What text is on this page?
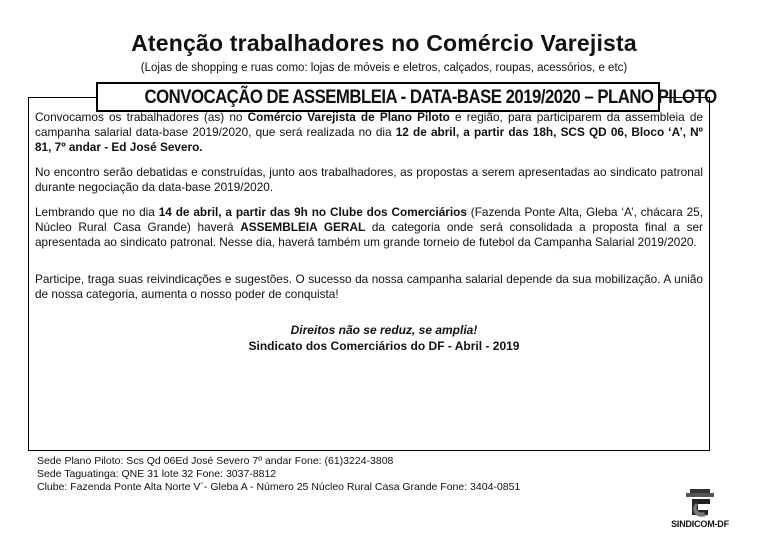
Atenção trabalhadores no Comércio Varejista
(Lojas de shopping e ruas como: lojas de móveis e eletros, calçados, roupas, acessórios, e etc)
CONVOCAÇÃO DE ASSEMBLEIA - DATA-BASE 2019/2020 – PLANO PILOTO
Convocamos os trabalhadores (as) no Comércio Varejista de Plano Piloto e região, para participarem da assembleia de campanha salarial data-base 2019/2020, que será realizada no dia 12 de abril, a partir das 18h, SCS QD 06, Bloco ‘A’, Nº 81, 7º andar - Ed José Severo.
No encontro serão debatidas e construídas, junto aos trabalhadores, as propostas a serem apresentadas ao sindicato patronal durante negociação da data-base 2019/2020.
Lembrando que no dia 14 de abril, a partir das 9h no Clube dos Comerciários (Fazenda Ponte Alta, Gleba ‘A’, chácara 25, Núcleo Rural Casa Grande) haverá ASSEMBLEIA GERAL da categoria onde será consolidada a proposta final a ser apresentada ao sindicato patronal. Nesse dia, haverá também um grande torneio de futebol da Campanha Salarial 2019/2020.
Participe, traga suas reivindicações e sugestões. O sucesso da nossa campanha salarial depende da sua mobilização. A união de nossa categoria, aumenta o nosso poder de conquista!
Direitos não se reduz, se amplia!
Sindicato dos Comerciários do DF - Abril - 2019
Sede Plano Piloto: Scs Qd 06Ed José Severo 7º andar Fone: (61)3224-3808
Sede Taguatinga: QNE 31 lote 32 Fone: 3037-8812
Clube: Fazenda Ponte Alta Norte V´- Gleba A - Número 25 Núcleo Rural Casa Grande Fone: 3404-0851
SINDICOM-DF
